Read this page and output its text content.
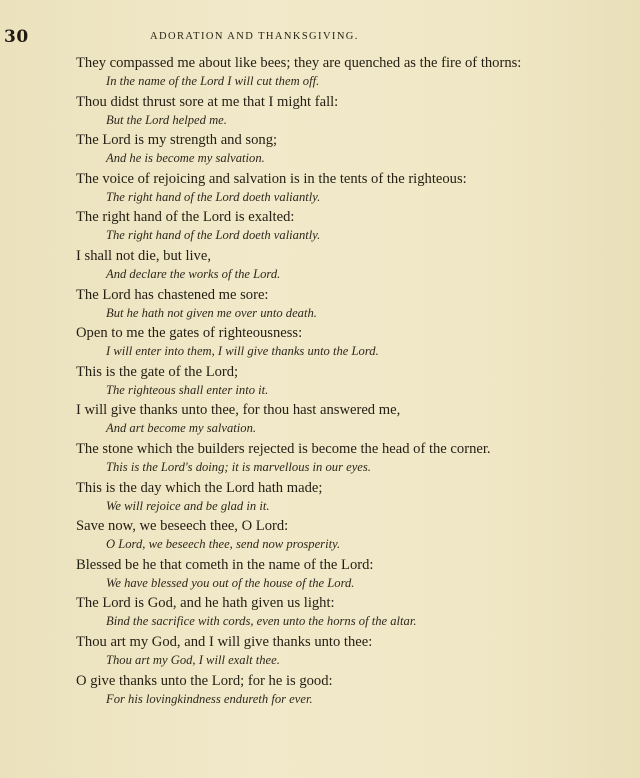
30	ADORATION AND THANKSGIVING.
They compassed me about like bees; they are quenched as the fire of thorns:
In the name of the Lord I will cut them off.
Thou didst thrust sore at me that I might fall:
But the Lord helped me.
The Lord is my strength and song;
And he is become my salvation.
The voice of rejoicing and salvation is in the tents of the righteous:
The right hand of the Lord doeth valiantly.
The right hand of the Lord is exalted:
The right hand of the Lord doeth valiantly.
I shall not die, but live,
And declare the works of the Lord.
The Lord has chastened me sore:
But he hath not given me over unto death.
Open to me the gates of righteousness:
I will enter into them, I will give thanks unto the Lord.
This is the gate of the Lord;
The righteous shall enter into it.
I will give thanks unto thee, for thou hast answered me,
And art become my salvation.
The stone which the builders rejected is become the head of the corner.
This is the Lord's doing; it is marvellous in our eyes.
This is the day which the Lord hath made;
We will rejoice and be glad in it.
Save now, we beseech thee, O Lord:
O Lord, we beseech thee, send now prosperity.
Blessed be he that cometh in the name of the Lord:
We have blessed you out of the house of the Lord.
The Lord is God, and he hath given us light:
Bind the sacrifice with cords, even unto the horns of the altar.
Thou art my God, and I will give thanks unto thee:
Thou art my God, I will exalt thee.
O give thanks unto the Lord; for he is good:
For his lovingkindness endureth for ever.
